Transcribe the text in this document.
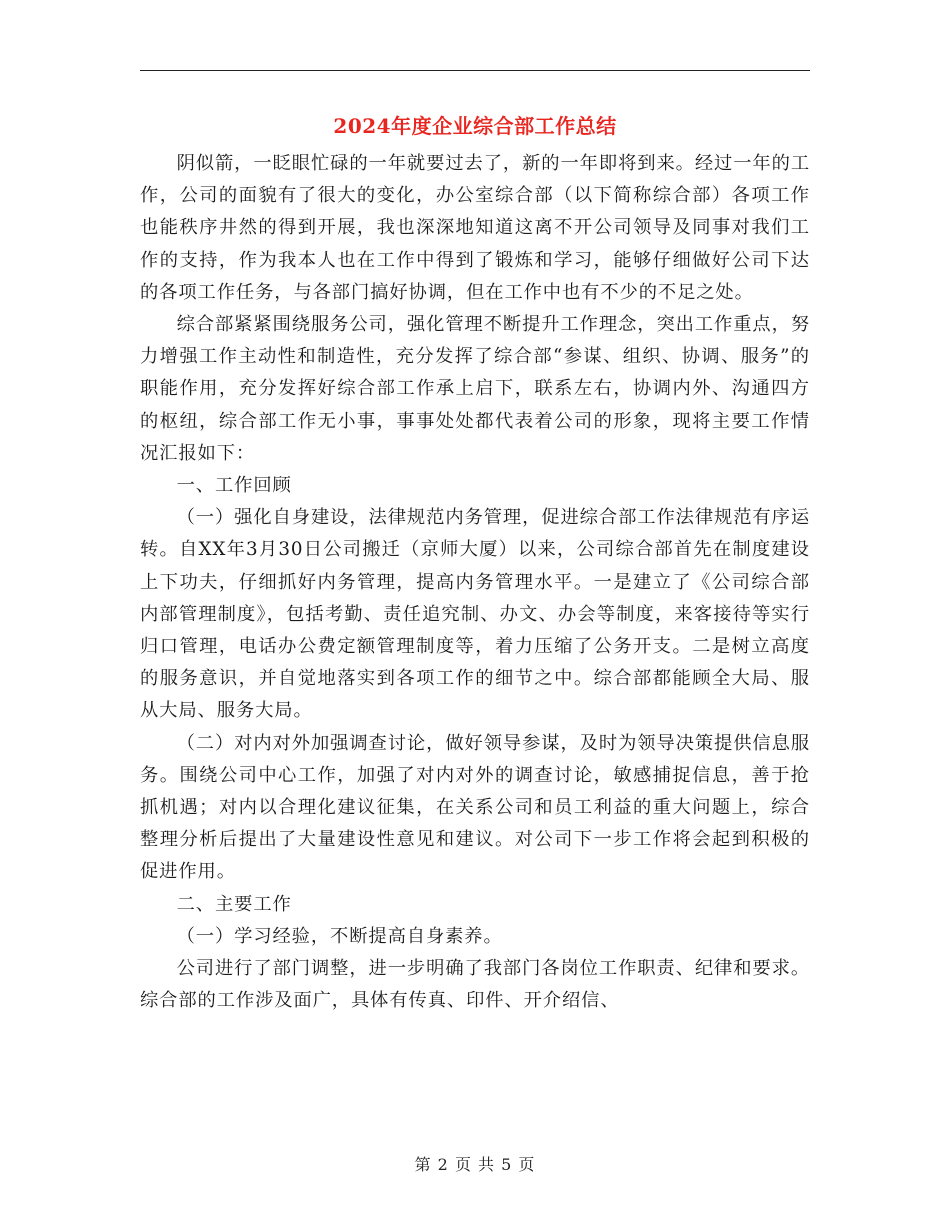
2024年度企业综合部工作总结

阴似箭，一眨眼忙碌的一年就要过去了，新的一年即将到来。经过一年的工作，公司的面貌有了很大的变化，办公室综合部（以下简称综合部）各项工作也能秩序井然的得到开展，我也深深地知道这离不开公司领导及同事对我们工作的支持，作为我本人也在工作中得到了锻炼和学习，能够仔细做好公司下达的各项工作任务，与各部门搞好协调，但在工作中也有不少的不足之处。

综合部紧紧围绕服务公司，强化管理不断提升工作理念，突出工作重点，努力增强工作主动性和制造性，充分发挥了综合部“参谋、组织、协调、服务”的职能作用，充分发挥好综合部工作承上启下，联系左右，协调内外、沟通四方的枢纽，综合部工作无小事，事事处处都代表着公司的形象，现将主要工作情况汇报如下：

一、工作回顾

（一）强化自身建设，法律规范内务管理，促进综合部工作法律规范有序运转。自XX年3月30日公司搬迁（京师大厦）以来，公司综合部首先在制度建设上下功夫，仔细抓好内务管理，提高内务管理水平。一是建立了《公司综合部内部管理制度》，包括考勤、责任追究制、办文、办会等制度，来客接待等实行归口管理，电话办公费定额管理制度等，着力压缩了公务开支。二是树立高度的服务意识，并自觉地落实到各项工作的细节之中。综合部都能顾全大局、服从大局、服务大局。

（二）对内对外加强调查讨论，做好领导参谋，及时为领导决策提供信息服务。围绕公司中心工作，加强了对内对外的调查讨论，敏感捕捉信息，善于抢抓机遇；对内以合理化建议征集，在关系公司和员工利益的重大问题上，综合整理分析后提出了大量建设性意见和建议。对公司下一步工作将会起到积极的促进作用。

二、主要工作

（一）学习经验，不断提高自身素养。

公司进行了部门调整，进一步明确了我部门各岗位工作职责、纪律和要求。综合部的工作涉及面广，具体有传真、印件、开介绍信、

第 2 页 共 5 页
